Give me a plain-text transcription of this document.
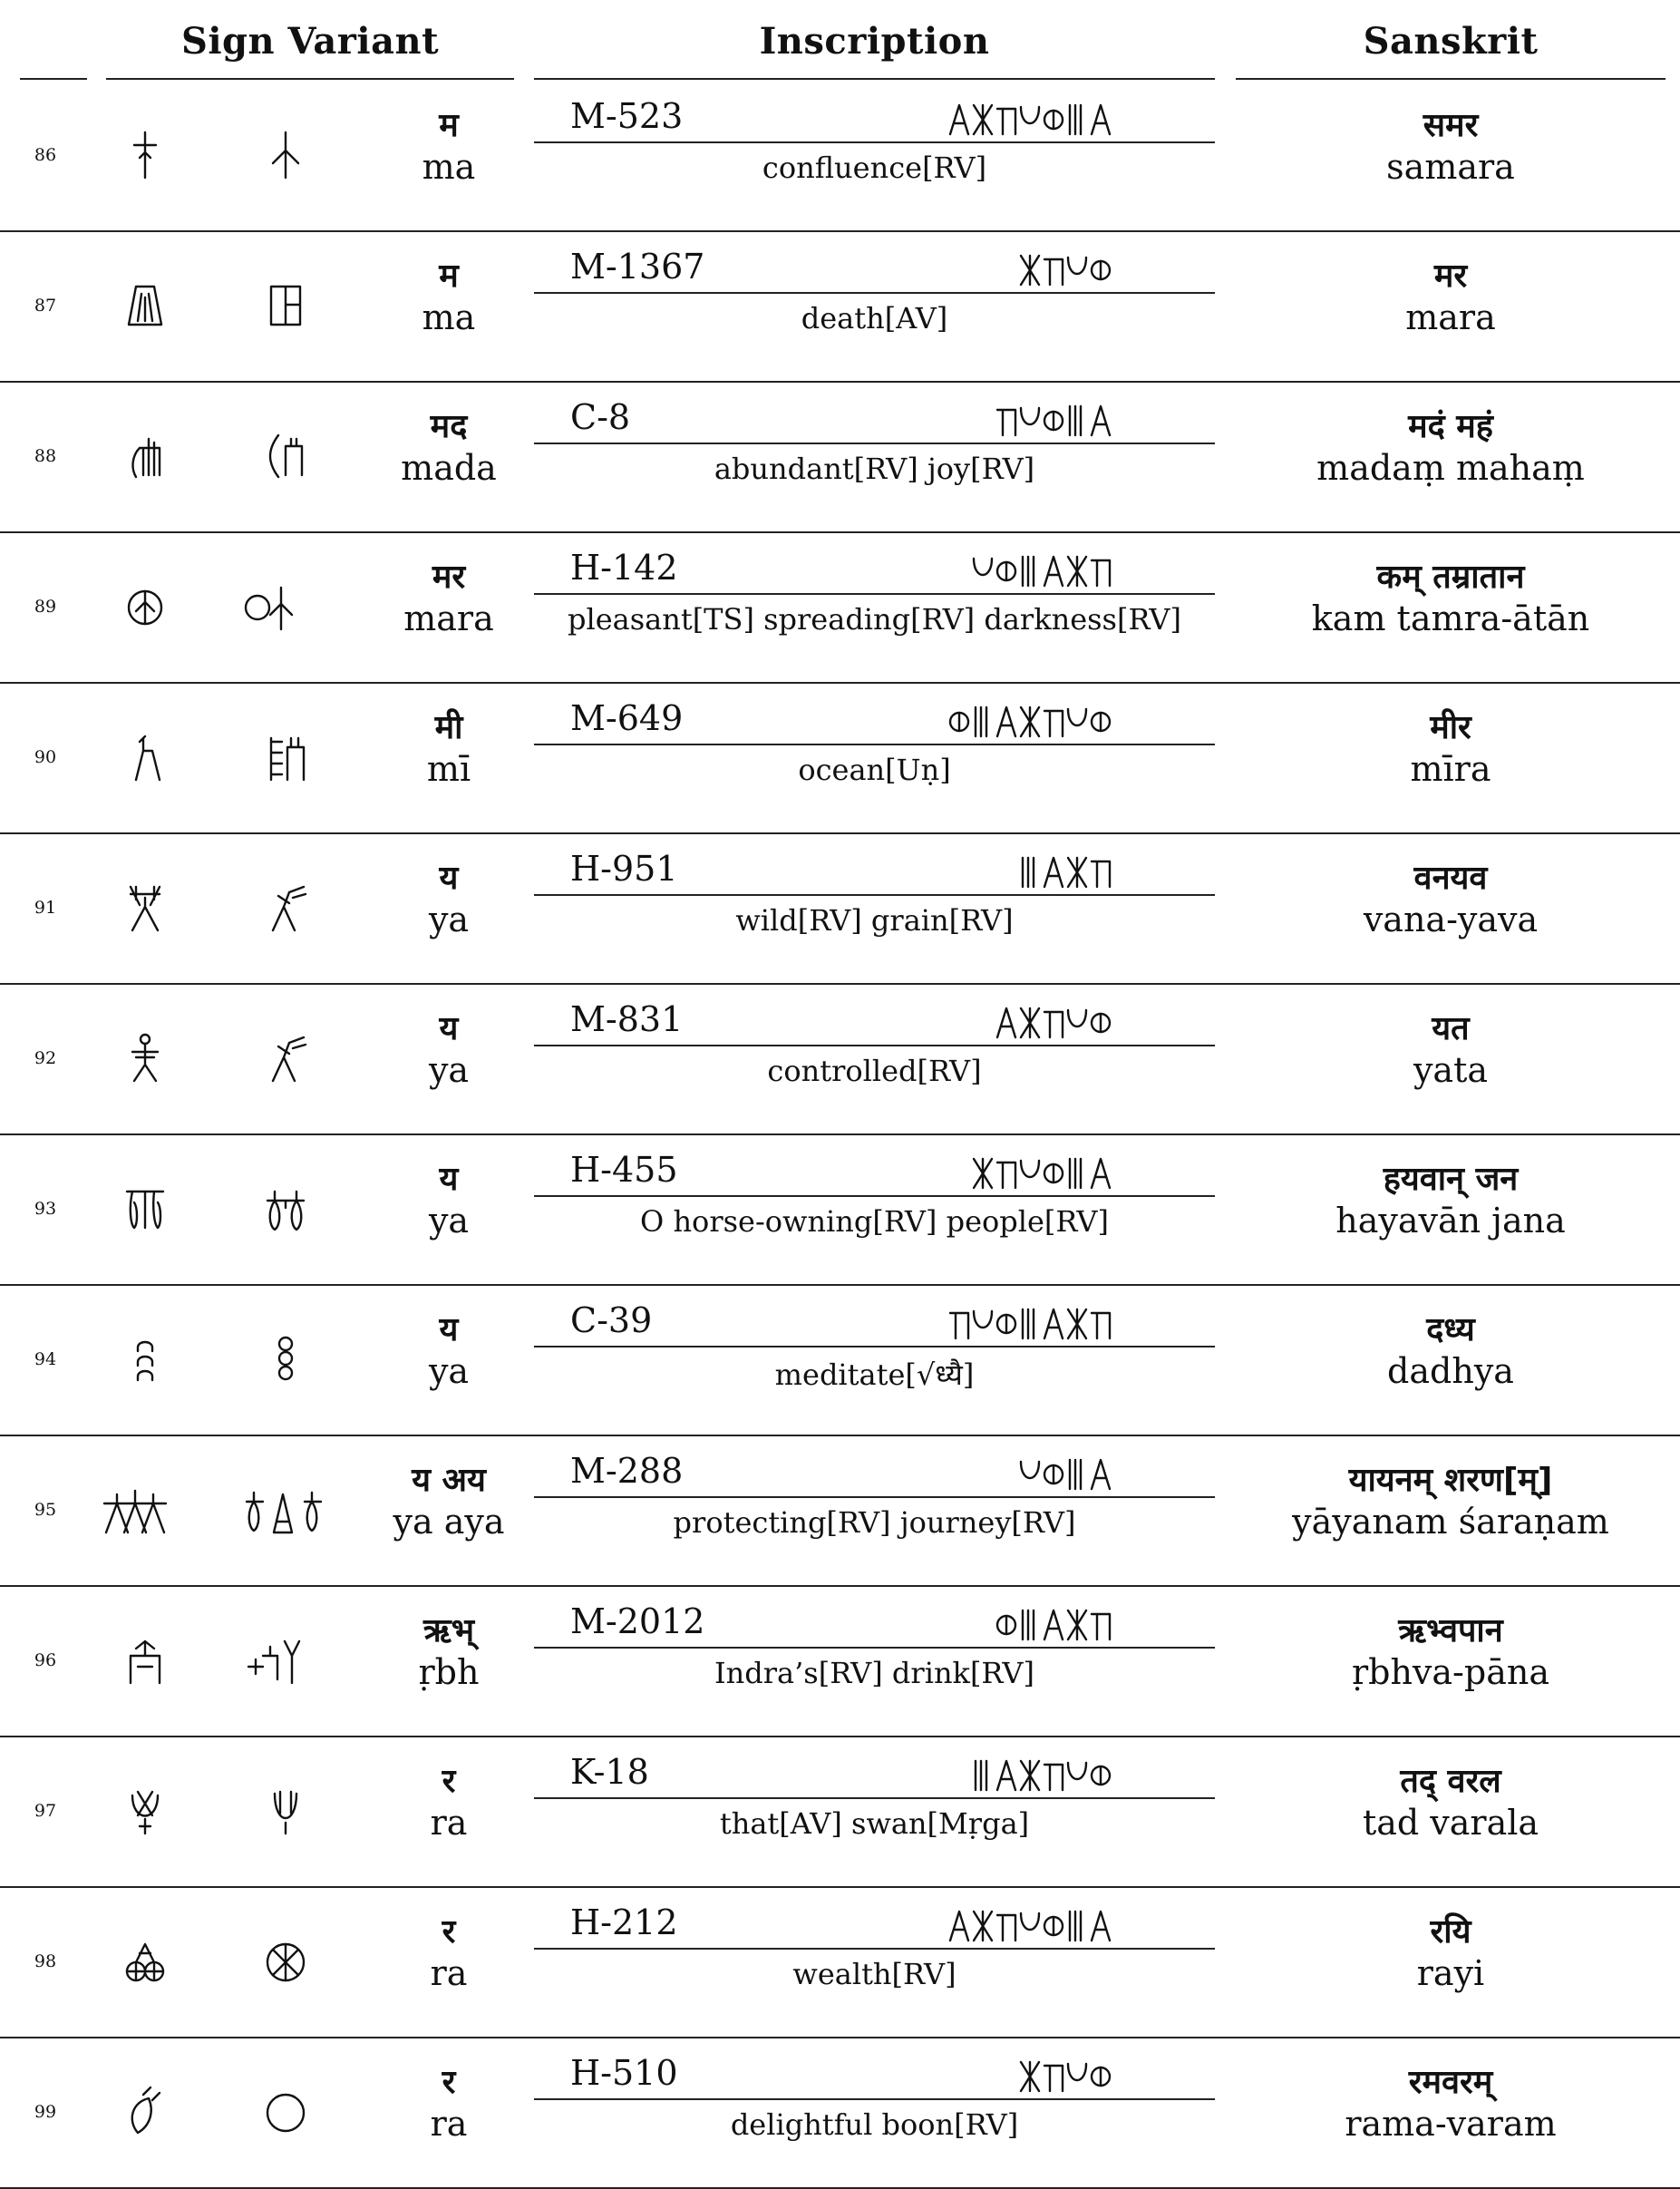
Sign Variant	Inscription	Sanskrit
86
म
ma
M-523
confluence[RV]
समर
samara
87
म
ma
M-1367
death[AV]
मर
mara
88
मद
mada
C-8
abundant[RV] joy[RV]
मदं महं
madaṃ mahaṃ
89
मर
mara
H-142
pleasant[TS] spreading[RV] darkness[RV]
कम् तम्रातान
kam tamra-ātān
90
मी
mī
M-649
ocean[Uṇ]
मीर
mīra
91
य
ya
H-951
wild[RV] grain[RV]
वनयव
vana-yava
92
य
ya
M-831
controlled[RV]
यत
yata
93
य
ya
H-455
O horse-owning[RV] people[RV]
हयवान् जन
hayavān jana
94
य
ya
C-39
meditate[√ध्यै]
दध्य
dadhya
95
य अय
ya aya
M-288
protecting[RV] journey[RV]
यायनम् शरण[म्]
yāyanam śaraṇam
96
ऋभ्
ṛbh
M-2012
Indra’s[RV] drink[RV]
ऋभ्वपान
ṛbhva-pāna
97
र
ra
K-18
that[AV] swan[Mṛga]
तद् वरल
tad varala
98
र
ra
H-212
wealth[RV]
रयि
rayi
99
र
ra
H-510
delightful boon[RV]
रमवरम्
rama-varam
